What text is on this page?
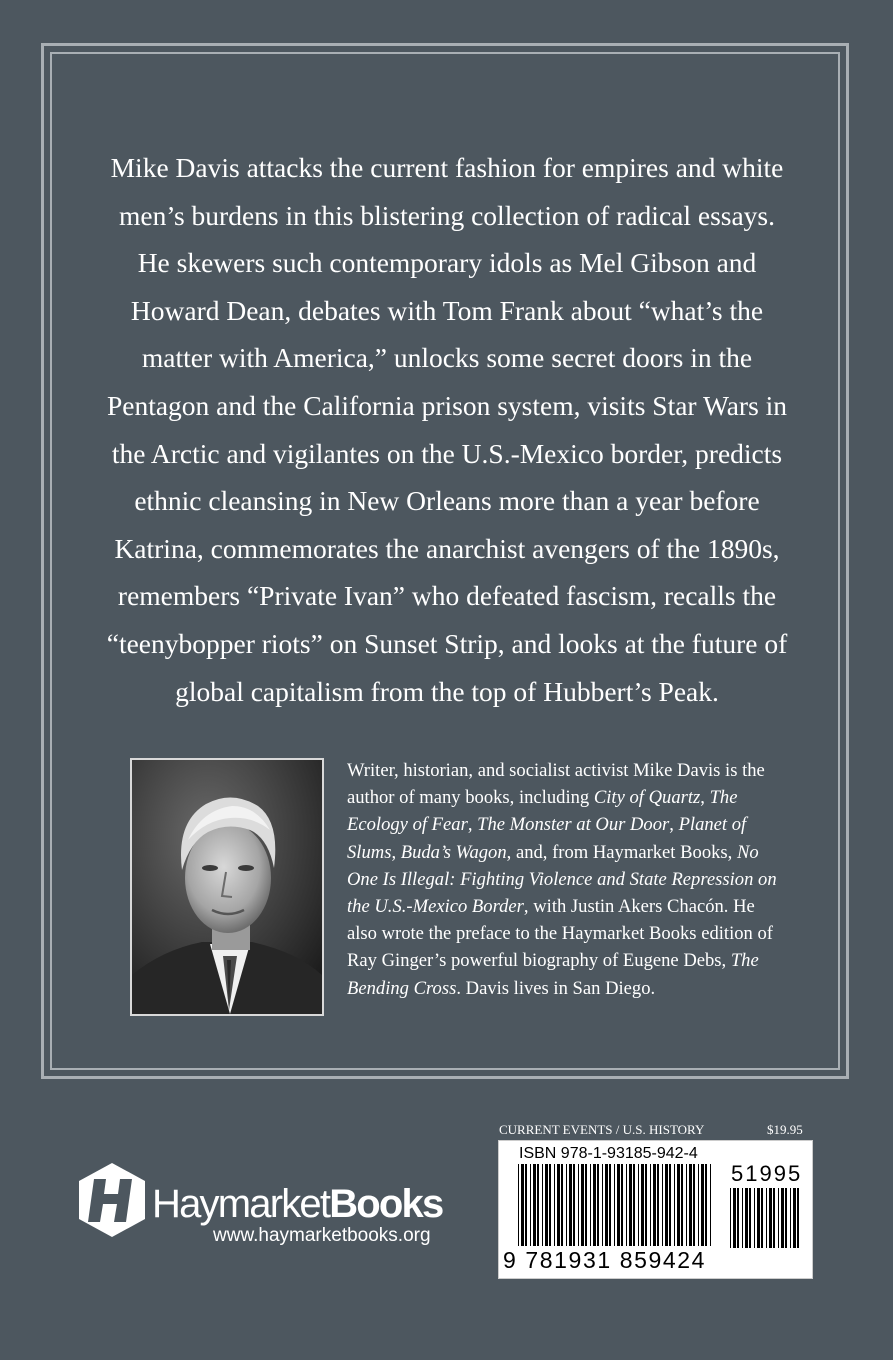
Mike Davis attacks the current fashion for empires and white
men’s burdens in this blistering collection of radical essays.
He skewers such contemporary idols as Mel Gibson and
Howard Dean, debates with Tom Frank about “what’s the
matter with America,” unlocks some secret doors in the
Pentagon and the California prison system, visits Star Wars in
the Arctic and vigilantes on the U.S.-Mexico border, predicts
ethnic cleansing in New Orleans more than a year before
Katrina, commemorates the anarchist avengers of the 1890s,
remembers “Private Ivan” who defeated fascism, recalls the
“teenybopper riots” on Sunset Strip, and looks at the future of
global capitalism from the top of Hubbert’s Peak.

Writer, historian, and socialist activist Mike Davis is the author of many books, including City of Quartz, The Ecology of Fear, The Monster at Our Door, Planet of Slums, Buda’s Wagon, and, from Haymarket Books, No One Is Illegal: Fighting Violence and State Repression on the U.S.-Mexico Border, with Justin Akers Chacón. He also wrote the preface to the Haymarket Books edition of Ray Ginger’s powerful biography of Eugene Debs, The Bending Cross. Davis lives in San Diego.

HaymarketBooks
www.haymarketbooks.org
CURRENT EVENTS / U.S. HISTORY	$19.95
ISBN 978-1-93185-942-4
51995
9 781931 859424
